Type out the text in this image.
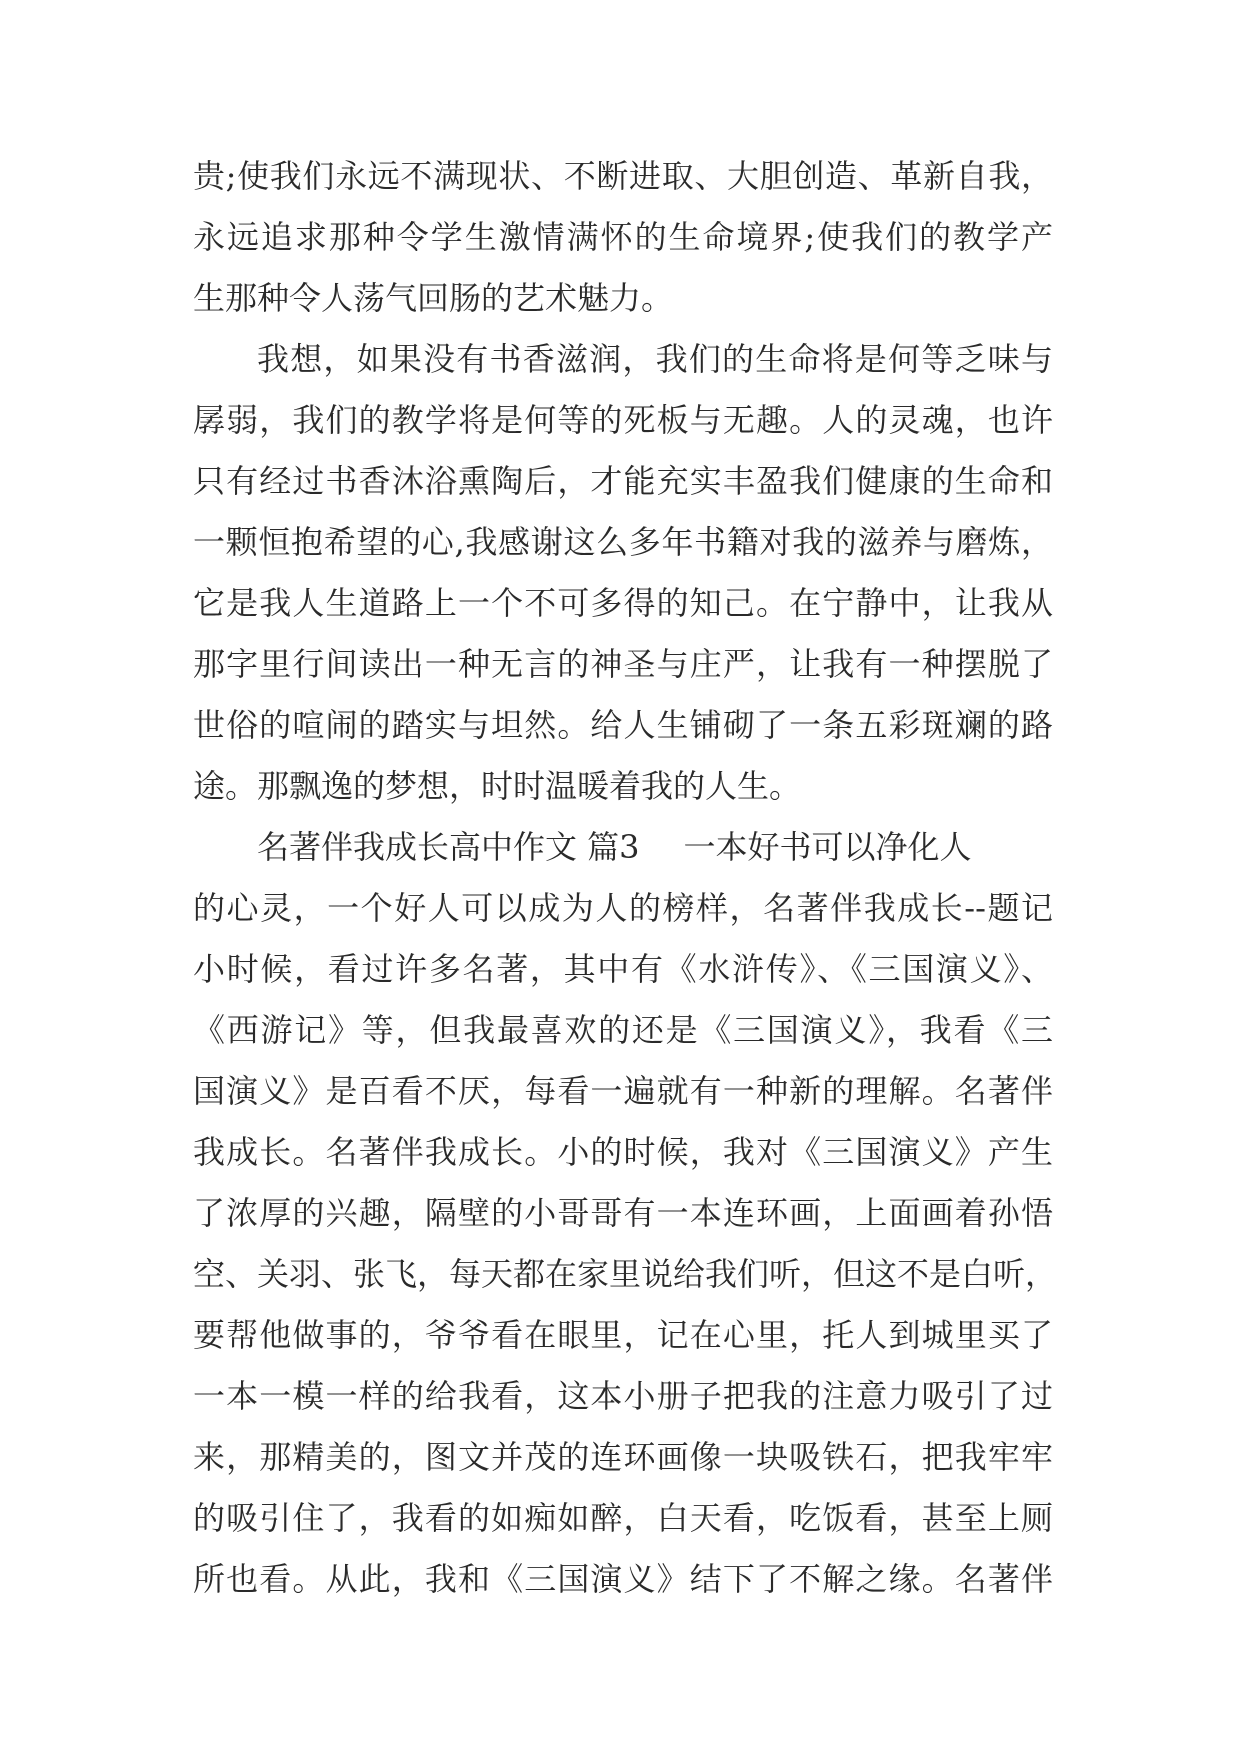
贵;使我们永远不满现状、不断进取、大胆创造、革新自我，
永远追求那种令学生激情满怀的生命境界;使我们的教学产
生那种令人荡气回肠的艺术魅力。
我想，如果没有书香滋润，我们的生命将是何等乏味与
孱弱，我们的教学将是何等的死板与无趣。人的灵魂，也许
只有经过书香沐浴熏陶后，才能充实丰盈我们健康的生命和
一颗恒抱希望的心,我感谢这么多年书籍对我的滋养与磨炼，
它是我人生道路上一个不可多得的知己。在宁静中，让我从
那字里行间读出一种无言的神圣与庄严，让我有一种摆脱了
世俗的喧闹的踏实与坦然。给人生铺砌了一条五彩斑斓的路
途。那飘逸的梦想，时时温暖着我的人生。
名著伴我成长高中作文 篇3 一本好书可以净化人
的心灵，一个好人可以成为人的榜样，名著伴我成长--题记
小时候，看过许多名著，其中有《水浒传》、《三国演义》、
《西游记》等，但我最喜欢的还是《三国演义》，我看《三
国演义》是百看不厌，每看一遍就有一种新的理解。名著伴
我成长。名著伴我成长。小的时候，我对《三国演义》产生
了浓厚的兴趣，隔壁的小哥哥有一本连环画，上面画着孙悟
空、关羽、张飞，每天都在家里说给我们听，但这不是白听，
要帮他做事的，爷爷看在眼里，记在心里，托人到城里买了
一本一模一样的给我看，这本小册子把我的注意力吸引了过
来，那精美的，图文并茂的连环画像一块吸铁石，把我牢牢
的吸引住了，我看的如痴如醉，白天看，吃饭看，甚至上厕
所也看。从此，我和《三国演义》结下了不解之缘。名著伴
